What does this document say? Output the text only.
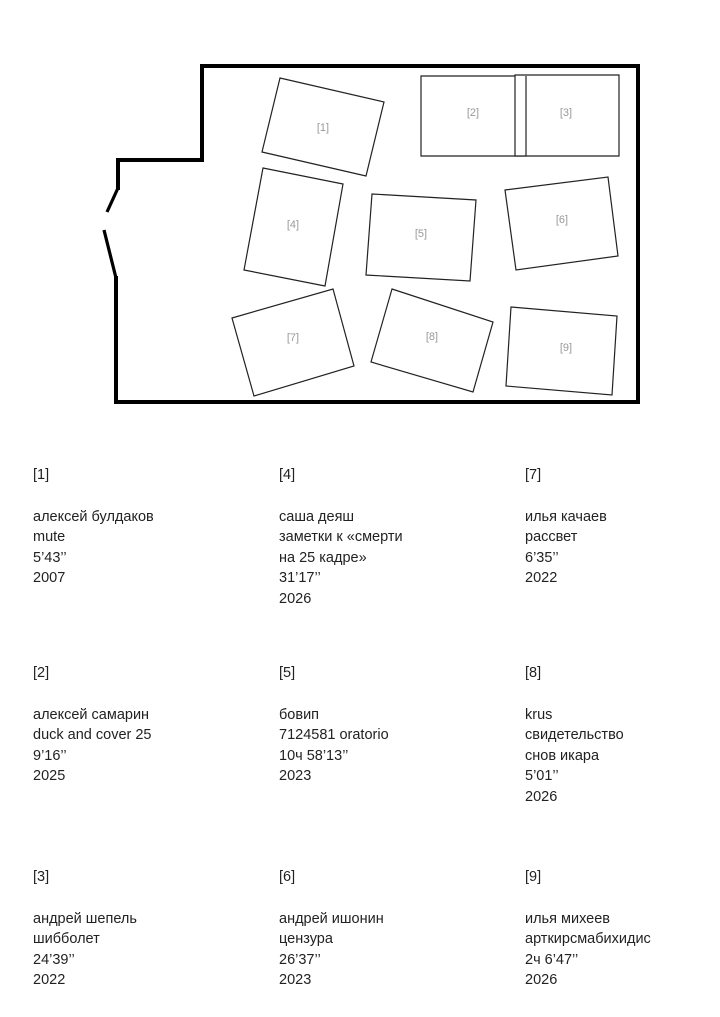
[1]
[2]	[3]
[4]
[5]
[6]
[7]	[8]
[9]
[1]
алексей булдаков
mute
5’43’’
2007
[4]
саша деяш
заметки к «смерти
на 25 кадре»
31’17’’
2026
[7]
илья качаев
рассвет
6’35’’
2022
[2]
алексей самарин
duck and cover 25
9’16’’
2025
[5]
бовип
7124581 oratorio
10ч 58’13’’
2023
[8]
krus
свидетельство
снов икара
5’01’’
2026
[3]
андрей шепель
шибболет
24’39’’
2022
[6]
андрей ишонин
цензура
26’37’’
2023
[9]
илья михеев
арткирсмабихидис
2ч 6’47’’
2026
